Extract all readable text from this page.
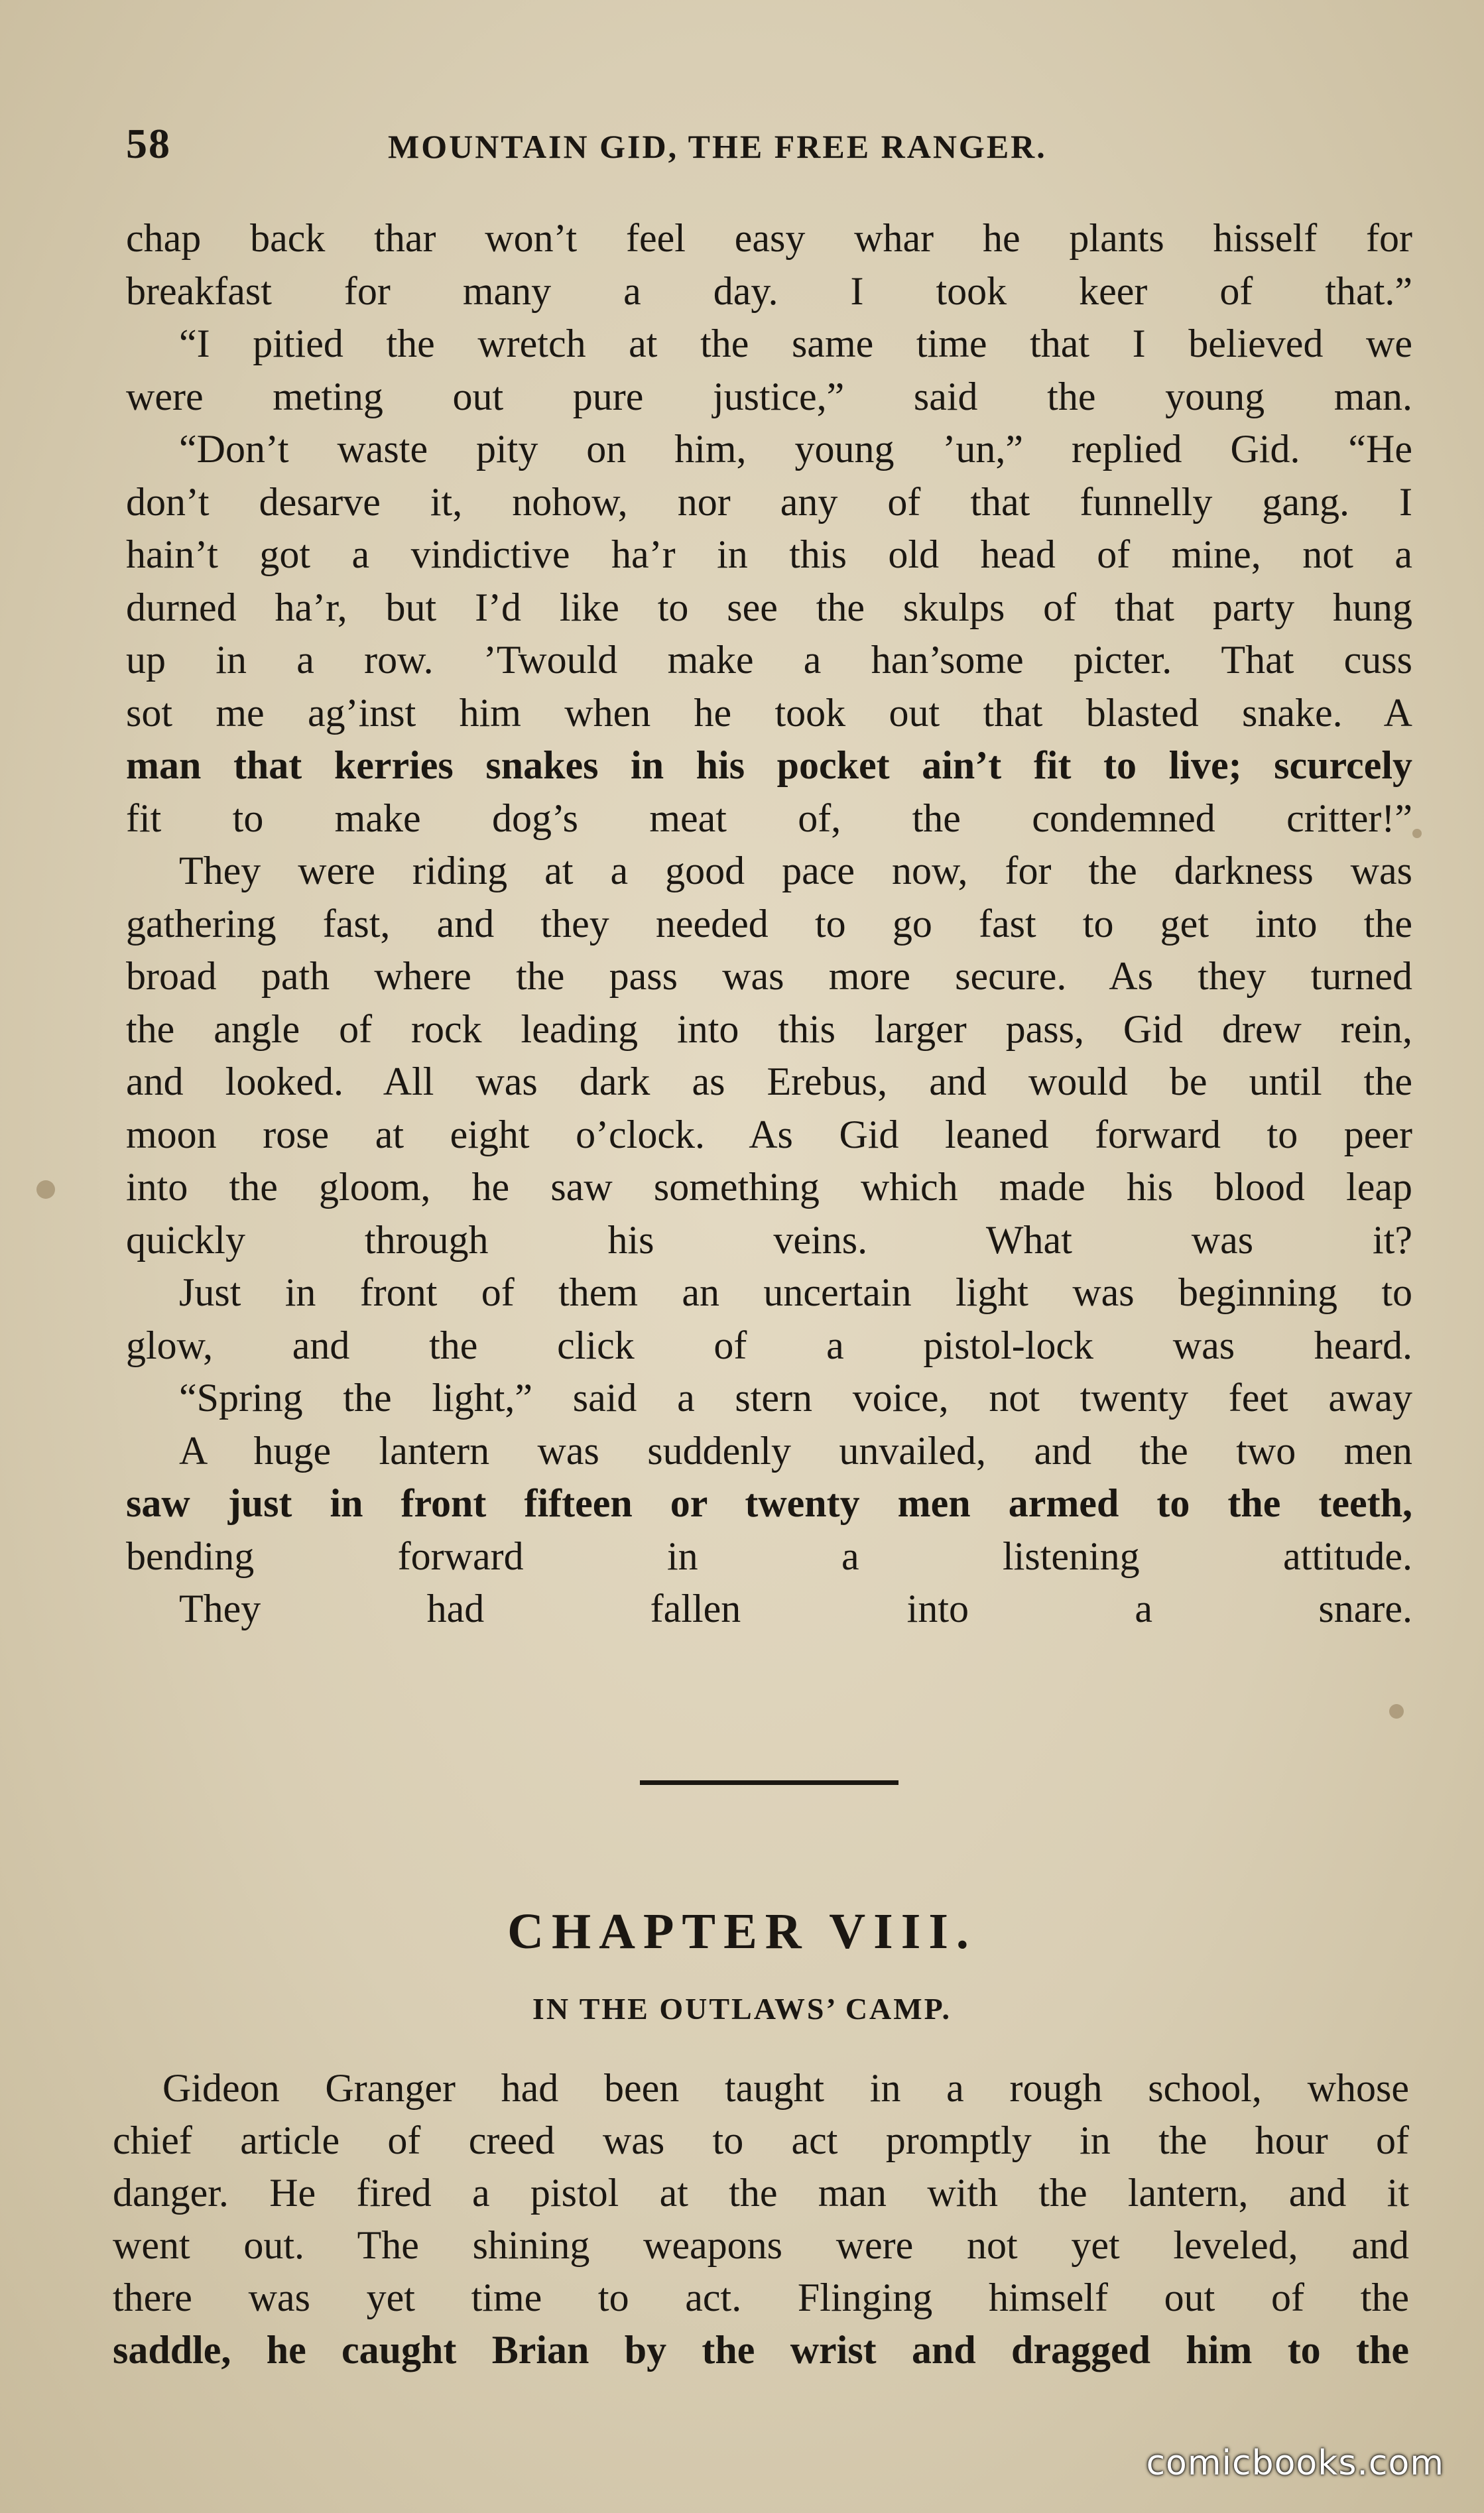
58	MOUNTAIN GID, THE FREE RANGER.

chap back thar won’t feel easy whar he plants hisself for
breakfast for many a day. I took keer of that.”

“I pitied the wretch at the same time that I believed we
were meting out pure justice,” said the young man.

“Don’t waste pity on him, young ’un,” replied Gid. “He
don’t desarve it, nohow, nor any of that funnelly gang. I
hain’t got a vindictive ha’r in this old head of mine, not a
durned ha’r, but I’d like to see the skulps of that party hung
up in a row. ’Twould make a han’some picter. That cuss
sot me ag’inst him when he took out that blasted snake. A
man that kerries snakes in his pocket ain’t fit to live; scurcely
fit to make dog’s meat of, the condemned critter!”

They were riding at a good pace now, for the darkness was
gathering fast, and they needed to go fast to get into the
broad path where the pass was more secure. As they turned
the angle of rock leading into this larger pass, Gid drew rein,
and looked. All was dark as Erebus, and would be until the
moon rose at eight o’clock. As Gid leaned forward to peer
into the gloom, he saw something which made his blood leap
quickly through his veins. What was it?

Just in front of them an uncertain light was beginning to
glow, and the click of a pistol-lock was heard.

“Spring the light,” said a stern voice, not twenty feet away

A huge lantern was suddenly unvailed, and the two men
saw just in front fifteen or twenty men armed to the teeth,
bending forward in a listening attitude.

They had fallen into a snare.

CHAPTER VIII.
IN THE OUTLAWS’ CAMP.
Gideon Granger had been taught in a rough school, whose
chief article of creed was to act promptly in the hour of
danger. He fired a pistol at the man with the lantern, and it
went out. The shining weapons were not yet leveled, and
there was yet time to act. Flinging himself out of the
saddle, he caught Brian by the wrist and dragged him to the
comicbooks.com
